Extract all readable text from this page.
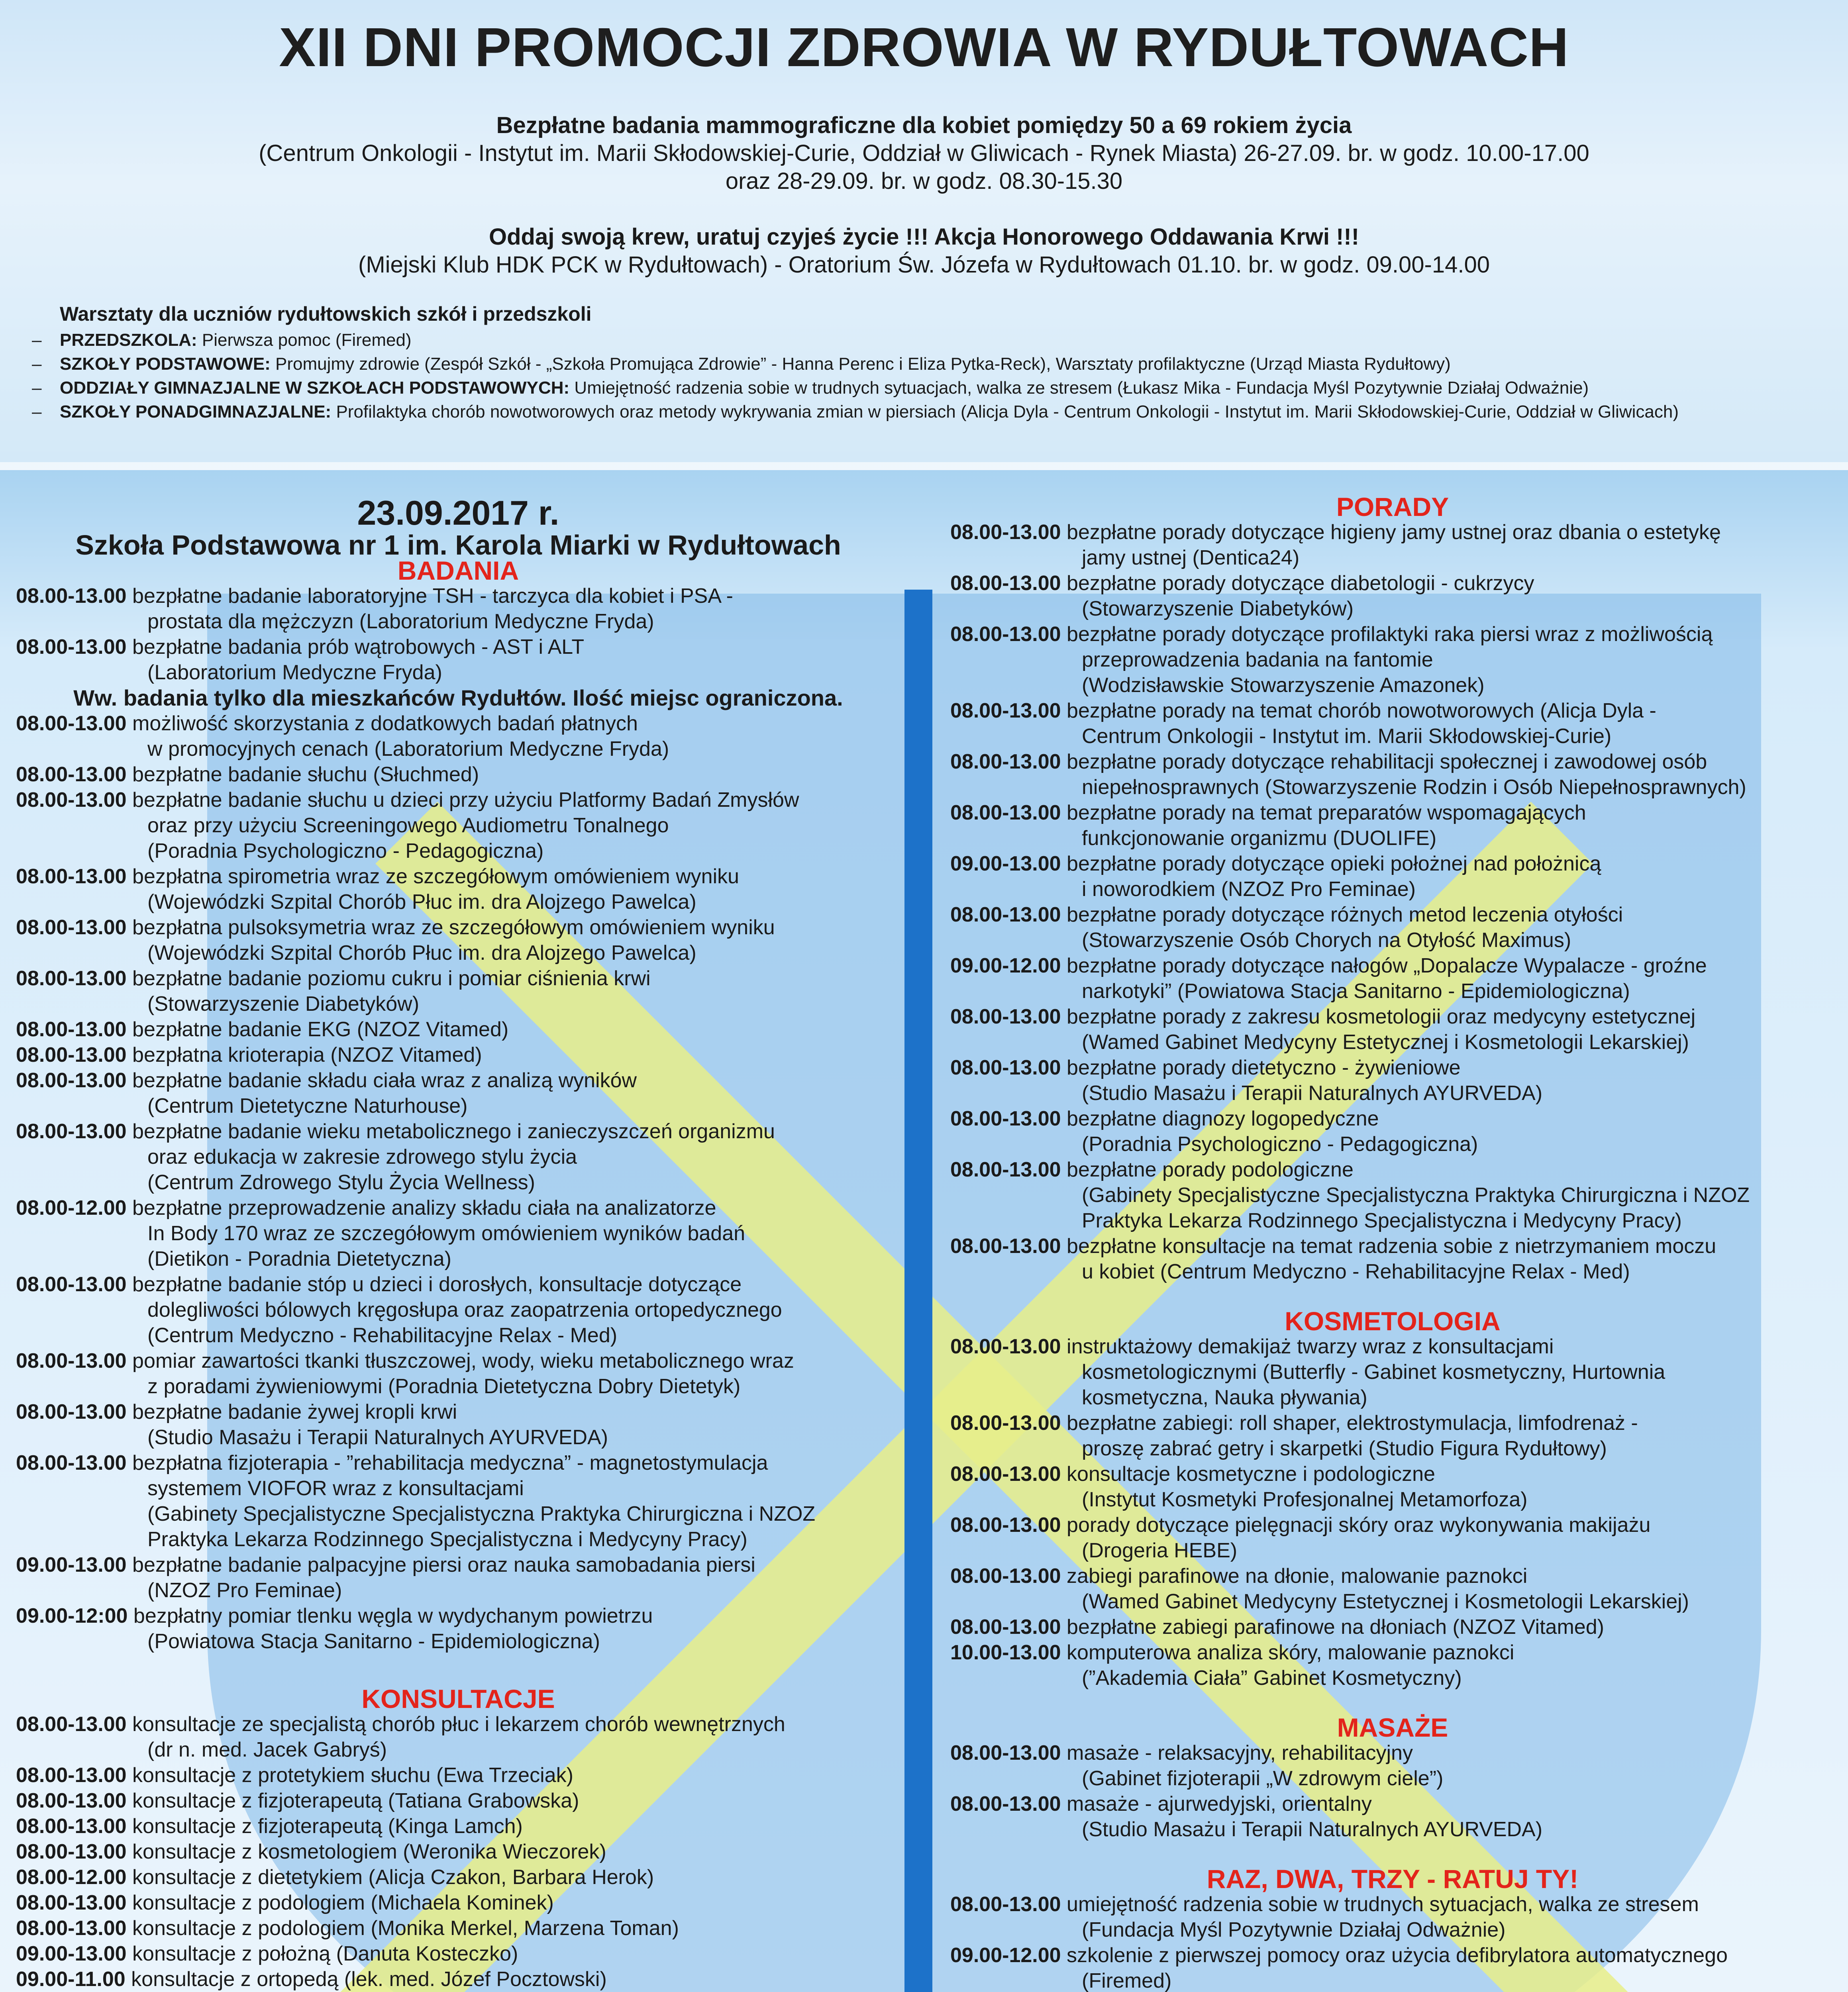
XII DNI PROMOCJI ZDROWIA W RYDUŁTOWACH
Bezpłatne badania mammograficzne dla kobiet pomiędzy 50 a 69 rokiem życia
(Centrum Onkologii - Instytut im. Marii Skłodowskiej-Curie, Oddział w Gliwicach - Rynek Miasta) 26-27.09. br. w godz. 10.00-17.00
oraz 28-29.09. br. w godz. 08.30-15.30
Oddaj swoją krew, uratuj czyjeś życie !!! Akcja Honorowego Oddawania Krwi !!!
(Miejski Klub HDK PCK w Rydułtowach) - Oratorium Św. Józefa w Rydułtowach 01.10. br. w godz. 09.00-14.00
Warsztaty dla uczniów rydułtowskich szkół i przedszkoli
–	PRZEDSZKOLA: Pierwsza pomoc (Firemed)
–	SZKOŁY PODSTAWOWE: Promujmy zdrowie (Zespół Szkół - „Szkoła Promująca Zdrowie” - Hanna Perenc i Eliza Pytka-Reck), Warsztaty profilaktyczne (Urząd Miasta Rydułtowy)
–	ODDZIAŁY GIMNAZJALNE W SZKOŁACH PODSTAWOWYCH: Umiejętność radzenia sobie w trudnych sytuacjach, walka ze stresem (Łukasz Mika - Fundacja Myśl Pozytywnie Działaj Odważnie)
–	SZKOŁY PONADGIMNAZJALNE: Profilaktyka chorób nowotworowych oraz metody wykrywania zmian w piersiach (Alicja Dyla - Centrum Onkologii - Instytut im. Marii Skłodowskiej-Curie, Oddział w Gliwicach)
23.09.2017 r.
Szkoła Podstawowa nr 1 im. Karola Miarki w Rydułtowach
BADANIA
08.00-13.00 bezpłatne badanie laboratoryjne TSH - tarczyca dla kobiet i PSA -
prostata dla mężczyzn (Laboratorium Medyczne Fryda)
08.00-13.00 bezpłatne badania prób wątrobowych - AST i ALT
(Laboratorium Medyczne Fryda)
Ww. badania tylko dla mieszkańców Rydułtów. Ilość miejsc ograniczona.
08.00-13.00 możliwość skorzystania z dodatkowych badań płatnych
w promocyjnych cenach (Laboratorium Medyczne Fryda)
08.00-13.00 bezpłatne badanie słuchu (Słuchmed)
08.00-13.00 bezpłatne badanie słuchu u dzieci przy użyciu Platformy Badań Zmysłów
oraz przy użyciu Screeningowego Audiometru Tonalnego
(Poradnia Psychologiczno - Pedagogiczna)
08.00-13.00 bezpłatna spirometria wraz ze szczegółowym omówieniem wyniku
(Wojewódzki Szpital Chorób Płuc im. dra Alojzego Pawelca)
08.00-13.00 bezpłatna pulsoksymetria wraz ze szczegółowym omówieniem wyniku
(Wojewódzki Szpital Chorób Płuc im. dra Alojzego Pawelca)
08.00-13.00 bezpłatne badanie poziomu cukru i pomiar ciśnienia krwi
(Stowarzyszenie Diabetyków)
08.00-13.00 bezpłatne badanie EKG (NZOZ Vitamed)
08.00-13.00 bezpłatna krioterapia (NZOZ Vitamed)
08.00-13.00 bezpłatne badanie składu ciała wraz z analizą wyników
(Centrum Dietetyczne Naturhouse)
08.00-13.00 bezpłatne badanie wieku metabolicznego i zanieczyszczeń organizmu
oraz edukacja w zakresie zdrowego stylu życia
(Centrum Zdrowego Stylu Życia Wellness)
08.00-12.00 bezpłatne przeprowadzenie analizy składu ciała na analizatorze
In Body 170 wraz ze szczegółowym omówieniem wyników badań
(Dietikon - Poradnia Dietetyczna)
08.00-13.00 bezpłatne badanie stóp u dzieci i dorosłych, konsultacje dotyczące
dolegliwości bólowych kręgosłupa oraz zaopatrzenia ortopedycznego
(Centrum Medyczno - Rehabilitacyjne Relax - Med)
08.00-13.00 pomiar zawartości tkanki tłuszczowej, wody, wieku metabolicznego wraz
z poradami żywieniowymi (Poradnia Dietetyczna Dobry Dietetyk)
08.00-13.00 bezpłatne badanie żywej kropli krwi
(Studio Masażu i Terapii Naturalnych AYURVEDA)
08.00-13.00 bezpłatna fizjoterapia - ”rehabilitacja medyczna” - magnetostymulacja
systemem VIOFOR wraz z konsultacjami
(Gabinety Specjalistyczne Specjalistyczna Praktyka Chirurgiczna i NZOZ
Praktyka Lekarza Rodzinnego Specjalistyczna i Medycyny Pracy)
09.00-13.00 bezpłatne badanie palpacyjne piersi oraz nauka samobadania piersi
(NZOZ Pro Feminae)
09.00-12:00 bezpłatny pomiar tlenku węgla w wydychanym powietrzu
(Powiatowa Stacja Sanitarno - Epidemiologiczna)
KONSULTACJE
08.00-13.00 konsultacje ze specjalistą chorób płuc i lekarzem chorób wewnętrznych
(dr n. med. Jacek Gabryś)
08.00-13.00 konsultacje z protetykiem słuchu (Ewa Trzeciak)
08.00-13.00 konsultacje z fizjoterapeutą (Tatiana Grabowska)
08.00-13.00 konsultacje z fizjoterapeutą (Kinga Lamch)
08.00-13.00 konsultacje z kosmetologiem (Weronika Wieczorek)
08.00-12.00 konsultacje z dietetykiem (Alicja Czakon, Barbara Herok)
08.00-13.00 konsultacje z podologiem (Michaela Kominek)
08.00-13.00 konsultacje z podologiem (Monika Merkel, Marzena Toman)
09.00-13.00 konsultacje z położną (Danuta Kosteczko)
09.00-11.00 konsultacje z ortopedą (lek. med. Józef Pocztowski)
PORADY
08.00-13.00 bezpłatne porady dotyczące higieny jamy ustnej oraz dbania o estetykę
jamy ustnej (Dentica24)
08.00-13.00 bezpłatne porady dotyczące diabetologii - cukrzycy
(Stowarzyszenie Diabetyków)
08.00-13.00 bezpłatne porady dotyczące profilaktyki raka piersi wraz z możliwością
przeprowadzenia badania na fantomie
(Wodzisławskie Stowarzyszenie Amazonek)
08.00-13.00 bezpłatne porady na temat chorób nowotworowych (Alicja Dyla -
Centrum Onkologii - Instytut im. Marii Skłodowskiej-Curie)
08.00-13.00 bezpłatne porady dotyczące rehabilitacji społecznej i zawodowej osób
niepełnosprawnych (Stowarzyszenie Rodzin i Osób Niepełnosprawnych)
08.00-13.00 bezpłatne porady na temat preparatów wspomagających
funkcjonowanie organizmu (DUOLIFE)
09.00-13.00 bezpłatne porady dotyczące opieki położnej nad położnicą
i noworodkiem (NZOZ Pro Feminae)
08.00-13.00 bezpłatne porady dotyczące różnych metod leczenia otyłości
(Stowarzyszenie Osób Chorych na Otyłość Maximus)
09.00-12.00 bezpłatne porady dotyczące nałogów „Dopalacze Wypalacze - groźne
narkotyki” (Powiatowa Stacja Sanitarno - Epidemiologiczna)
08.00-13.00 bezpłatne porady z zakresu kosmetologii oraz medycyny estetycznej
(Wamed Gabinet Medycyny Estetycznej i Kosmetologii Lekarskiej)
08.00-13.00 bezpłatne porady dietetyczno - żywieniowe
(Studio Masażu i Terapii Naturalnych AYURVEDA)
08.00-13.00 bezpłatne diagnozy logopedyczne
(Poradnia Psychologiczno - Pedagogiczna)
08.00-13.00 bezpłatne porady podologiczne
(Gabinety Specjalistyczne Specjalistyczna Praktyka Chirurgiczna i NZOZ
Praktyka Lekarza Rodzinnego Specjalistyczna i Medycyny Pracy)
08.00-13.00 bezpłatne konsultacje na temat radzenia sobie z nietrzymaniem moczu
u kobiet (Centrum Medyczno - Rehabilitacyjne Relax - Med)
KOSMETOLOGIA
08.00-13.00 instruktażowy demakijaż twarzy wraz z konsultacjami
kosmetologicznymi (Butterfly - Gabinet kosmetyczny, Hurtownia
kosmetyczna, Nauka pływania)
08.00-13.00 bezpłatne zabiegi: roll shaper, elektrostymulacja, limfodrenaż -
proszę zabrać getry i skarpetki (Studio Figura Rydułtowy)
08.00-13.00 konsultacje kosmetyczne i podologiczne
(Instytut Kosmetyki Profesjonalnej Metamorfoza)
08.00-13.00 porady dotyczące pielęgnacji skóry oraz wykonywania makijażu
(Drogeria HEBE)
08.00-13.00 zabiegi parafinowe na dłonie, malowanie paznokci
(Wamed Gabinet Medycyny Estetycznej i Kosmetologii Lekarskiej)
08.00-13.00 bezpłatne zabiegi parafinowe na dłoniach (NZOZ Vitamed)
10.00-13.00 komputerowa analiza skóry, malowanie paznokci
(”Akademia Ciała” Gabinet Kosmetyczny)
MASAŻE
08.00-13.00 masaże - relaksacyjny, rehabilitacyjny
(Gabinet fizjoterapii „W zdrowym ciele”)
08.00-13.00 masaże - ajurwedyjski, orientalny
(Studio Masażu i Terapii Naturalnych AYURVEDA)
RAZ, DWA, TRZY - RATUJ TY!
08.00-13.00 umiejętność radzenia sobie w trudnych sytuacjach, walka ze stresem
(Fundacja Myśl Pozytywnie Działaj Odważnie)
09.00-12.00 szkolenie z pierwszej pomocy oraz użycia defibrylatora automatycznego
(Firemed)
